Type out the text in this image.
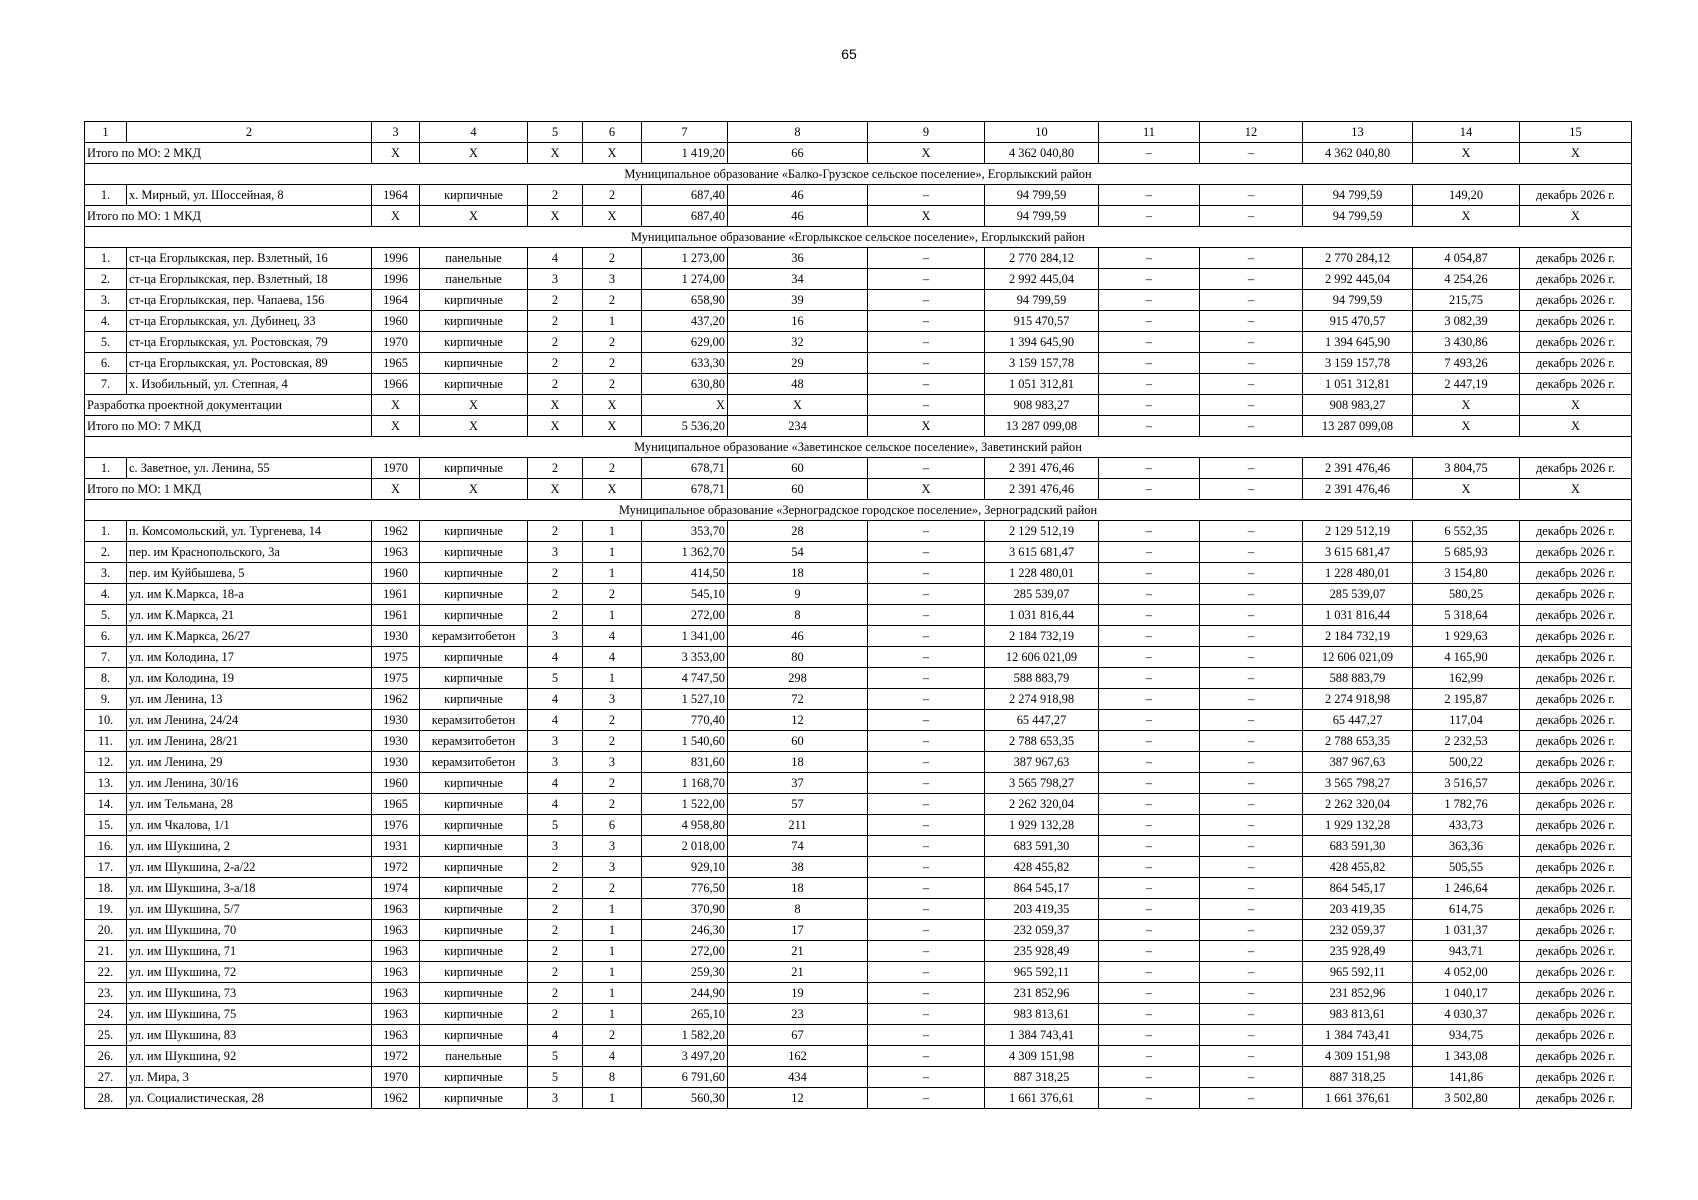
65
1	2	3	4	5	6	7	8	9	10	11	12	13	14	15
Итого по МО: 2 МКД		X	X	X	X	1 419,20	66	X	4 362 040,80	–	–	4 362 040,80	X	X
Муниципальное образование «Балко-Грузское сельское поселение», Егорлыкский район														
1.	х. Мирный, ул. Шоссейная, 8	1964	кирпичные	2	2	687,40	46	–	94 799,59	–	–	94 799,59	149,20	декабрь 2026 г.
Итого по МО: 1 МКД		X	X	X	X	687,40	46	X	94 799,59	–	–	94 799,59	X	X
Муниципальное образование «Егорлыкское сельское поселение», Егорлыкский район														
1.	ст-ца Егорлыкская, пер. Взлетный, 16	1996	панельные	4	2	1 273,00	36	–	2 770 284,12	–	–	2 770 284,12	4 054,87	декабрь 2026 г.
2.	ст-ца Егорлыкская, пер. Взлетный, 18	1996	панельные	3	3	1 274,00	34	–	2 992 445,04	–	–	2 992 445,04	4 254,26	декабрь 2026 г.
3.	ст-ца Егорлыкская, пер. Чапаева, 156	1964	кирпичные	2	2	658,90	39	–	94 799,59	–	–	94 799,59	215,75	декабрь 2026 г.
4.	ст-ца Егорлыкская, ул. Дубинец, 33	1960	кирпичные	2	1	437,20	16	–	915 470,57	–	–	915 470,57	3 082,39	декабрь 2026 г.
5.	ст-ца Егорлыкская, ул. Ростовская, 79	1970	кирпичные	2	2	629,00	32	–	1 394 645,90	–	–	1 394 645,90	3 430,86	декабрь 2026 г.
6.	ст-ца Егорлыкская, ул. Ростовская, 89	1965	кирпичные	2	2	633,30	29	–	3 159 157,78	–	–	3 159 157,78	7 493,26	декабрь 2026 г.
7.	х. Изобильный, ул. Степная, 4	1966	кирпичные	2	2	630,80	48	–	1 051 312,81	–	–	1 051 312,81	2 447,19	декабрь 2026 г.
Разработка проектной документации		X	X	X	X	X	X	–	908 983,27	–	–	908 983,27	X	X
Итого по МО: 7 МКД		X	X	X	X	5 536,20	234	X	13 287 099,08	–	–	13 287 099,08	X	X
Муниципальное образование «Заветинское сельское поселение», Заветинский район														
1.	с. Заветное, ул. Ленина, 55	1970	кирпичные	2	2	678,71	60	–	2 391 476,46	–	–	2 391 476,46	3 804,75	декабрь 2026 г.
Итого по МО: 1 МКД		X	X	X	X	678,71	60	X	2 391 476,46	–	–	2 391 476,46	X	X
Муниципальное образование «Зерноградское городское поселение», Зерноградский район														
1.	п. Комсомольский, ул. Тургенева, 14	1962	кирпичные	2	1	353,70	28	–	2 129 512,19	–	–	2 129 512,19	6 552,35	декабрь 2026 г.
2.	пер. им Краснопольского, 3а	1963	кирпичные	3	1	1 362,70	54	–	3 615 681,47	–	–	3 615 681,47	5 685,93	декабрь 2026 г.
3.	пер. им Куйбышева, 5	1960	кирпичные	2	1	414,50	18	–	1 228 480,01	–	–	1 228 480,01	3 154,80	декабрь 2026 г.
4.	ул. им К.Маркса, 18-а	1961	кирпичные	2	2	545,10	9	–	285 539,07	–	–	285 539,07	580,25	декабрь 2026 г.
5.	ул. им К.Маркса, 21	1961	кирпичные	2	1	272,00	8	–	1 031 816,44	–	–	1 031 816,44	5 318,64	декабрь 2026 г.
6.	ул. им К.Маркса, 26/27	1930	керамзитобетон	3	4	1 341,00	46	–	2 184 732,19	–	–	2 184 732,19	1 929,63	декабрь 2026 г.
7.	ул. им Колодина, 17	1975	кирпичные	4	4	3 353,00	80	–	12 606 021,09	–	–	12 606 021,09	4 165,90	декабрь 2026 г.
8.	ул. им Колодина, 19	1975	кирпичные	5	1	4 747,50	298	–	588 883,79	–	–	588 883,79	162,99	декабрь 2026 г.
9.	ул. им Ленина, 13	1962	кирпичные	4	3	1 527,10	72	–	2 274 918,98	–	–	2 274 918,98	2 195,87	декабрь 2026 г.
10.	ул. им Ленина, 24/24	1930	керамзитобетон	4	2	770,40	12	–	65 447,27	–	–	65 447,27	117,04	декабрь 2026 г.
11.	ул. им Ленина, 28/21	1930	керамзитобетон	3	2	1 540,60	60	–	2 788 653,35	–	–	2 788 653,35	2 232,53	декабрь 2026 г.
12.	ул. им Ленина, 29	1930	керамзитобетон	3	3	831,60	18	–	387 967,63	–	–	387 967,63	500,22	декабрь 2026 г.
13.	ул. им Ленина, 30/16	1960	кирпичные	4	2	1 168,70	37	–	3 565 798,27	–	–	3 565 798,27	3 516,57	декабрь 2026 г.
14.	ул. им Тельмана, 28	1965	кирпичные	4	2	1 522,00	57	–	2 262 320,04	–	–	2 262 320,04	1 782,76	декабрь 2026 г.
15.	ул. им Чкалова, 1/1	1976	кирпичные	5	6	4 958,80	211	–	1 929 132,28	–	–	1 929 132,28	433,73	декабрь 2026 г.
16.	ул. им Шукшина, 2	1931	кирпичные	3	3	2 018,00	74	–	683 591,30	–	–	683 591,30	363,36	декабрь 2026 г.
17.	ул. им Шукшина, 2-а/22	1972	кирпичные	2	3	929,10	38	–	428 455,82	–	–	428 455,82	505,55	декабрь 2026 г.
18.	ул. им Шукшина, 3-а/18	1974	кирпичные	2	2	776,50	18	–	864 545,17	–	–	864 545,17	1 246,64	декабрь 2026 г.
19.	ул. им Шукшина, 5/7	1963	кирпичные	2	1	370,90	8	–	203 419,35	–	–	203 419,35	614,75	декабрь 2026 г.
20.	ул. им Шукшина, 70	1963	кирпичные	2	1	246,30	17	–	232 059,37	–	–	232 059,37	1 031,37	декабрь 2026 г.
21.	ул. им Шукшина, 71	1963	кирпичные	2	1	272,00	21	–	235 928,49	–	–	235 928,49	943,71	декабрь 2026 г.
22.	ул. им Шукшина, 72	1963	кирпичные	2	1	259,30	21	–	965 592,11	–	–	965 592,11	4 052,00	декабрь 2026 г.
23.	ул. им Шукшина, 73	1963	кирпичные	2	1	244,90	19	–	231 852,96	–	–	231 852,96	1 040,17	декабрь 2026 г.
24.	ул. им Шукшина, 75	1963	кирпичные	2	1	265,10	23	–	983 813,61	–	–	983 813,61	4 030,37	декабрь 2026 г.
25.	ул. им Шукшина, 83	1963	кирпичные	4	2	1 582,20	67	–	1 384 743,41	–	–	1 384 743,41	934,75	декабрь 2026 г.
26.	ул. им Шукшина, 92	1972	панельные	5	4	3 497,20	162	–	4 309 151,98	–	–	4 309 151,98	1 343,08	декабрь 2026 г.
27.	ул. Мира, 3	1970	кирпичные	5	8	6 791,60	434	–	887 318,25	–	–	887 318,25	141,86	декабрь 2026 г.
28.	ул. Социалистическая, 28	1962	кирпичные	3	1	560,30	12	–	1 661 376,61	–	–	1 661 376,61	3 502,80	декабрь 2026 г.
